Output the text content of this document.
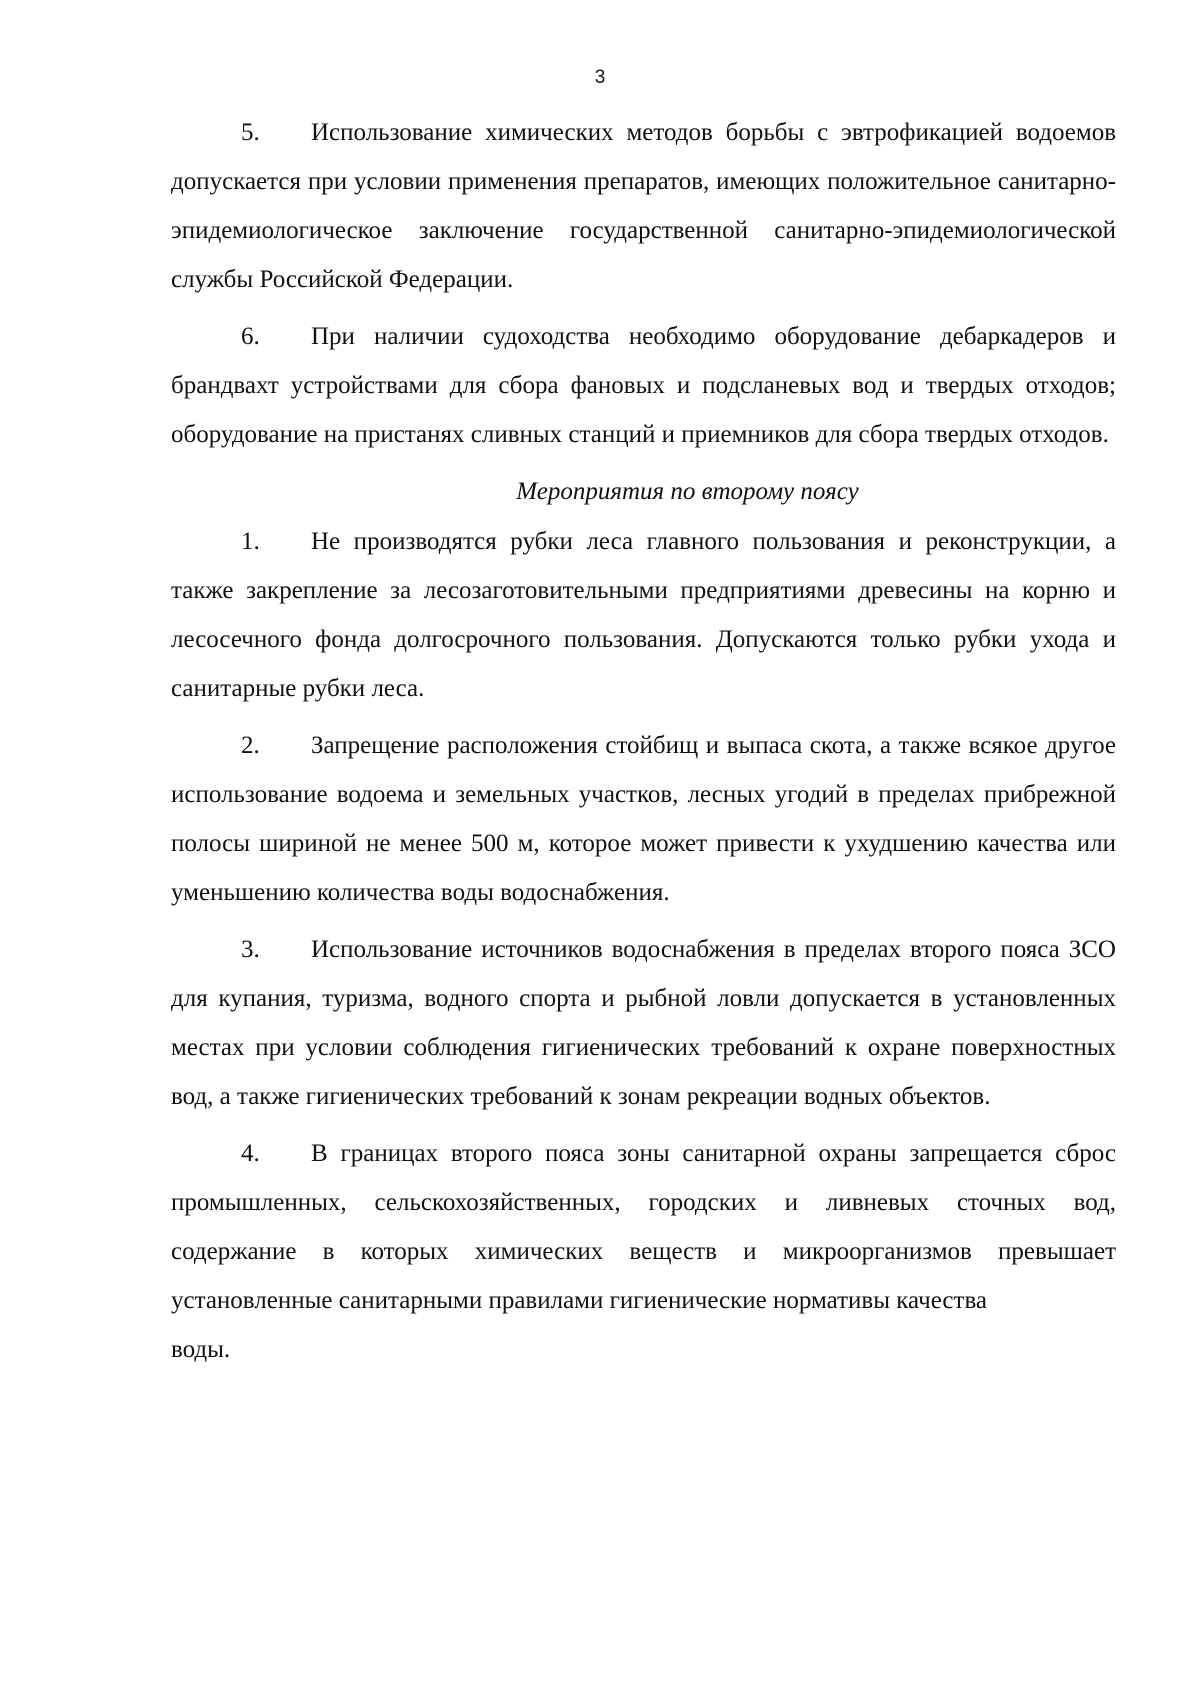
3

5. Использование химических методов борьбы с эвтрофикацией водоемов допускается при условии применения препаратов, имеющих положительное санитарно-эпидемиологическое заключение государственной санитарно-эпидемиологической службы Российской Федерации.

6. При наличии судоходства необходимо оборудование дебаркадеров и брандвахт устройствами для сбора фановых и подсланевых вод и твердых отходов; оборудование на пристанях сливных станций и приемников для сбора твердых отходов.

Мероприятия по второму поясу

1. Не производятся рубки леса главного пользования и реконструкции, а также закрепление за лесозаготовительными предприятиями древесины на корню и лесосечного фонда долгосрочного пользования. Допускаются только рубки ухода и санитарные рубки леса.

2. Запрещение расположения стойбищ и выпаса скота, а также всякое другое использование водоема и земельных участков, лесных угодий в пределах прибрежной полосы шириной не менее 500 м, которое может привести к ухудшению качества или уменьшению количества воды водоснабжения.

3. Использование источников водоснабжения в пределах второго пояса ЗСО для купания, туризма, водного спорта и рыбной ловли допускается в установленных местах при условии соблюдения гигиенических требований к охране поверхностных вод, а также гигиенических требований к зонам рекреации водных объектов.

4. В границах второго пояса зоны санитарной охраны запрещается сброс промышленных, сельскохозяйственных, городских и ливневых сточных вод, содержание в которых химических веществ и микроорганизмов превышает установленные санитарными правилами гигиенические нормативы качества

воды.
